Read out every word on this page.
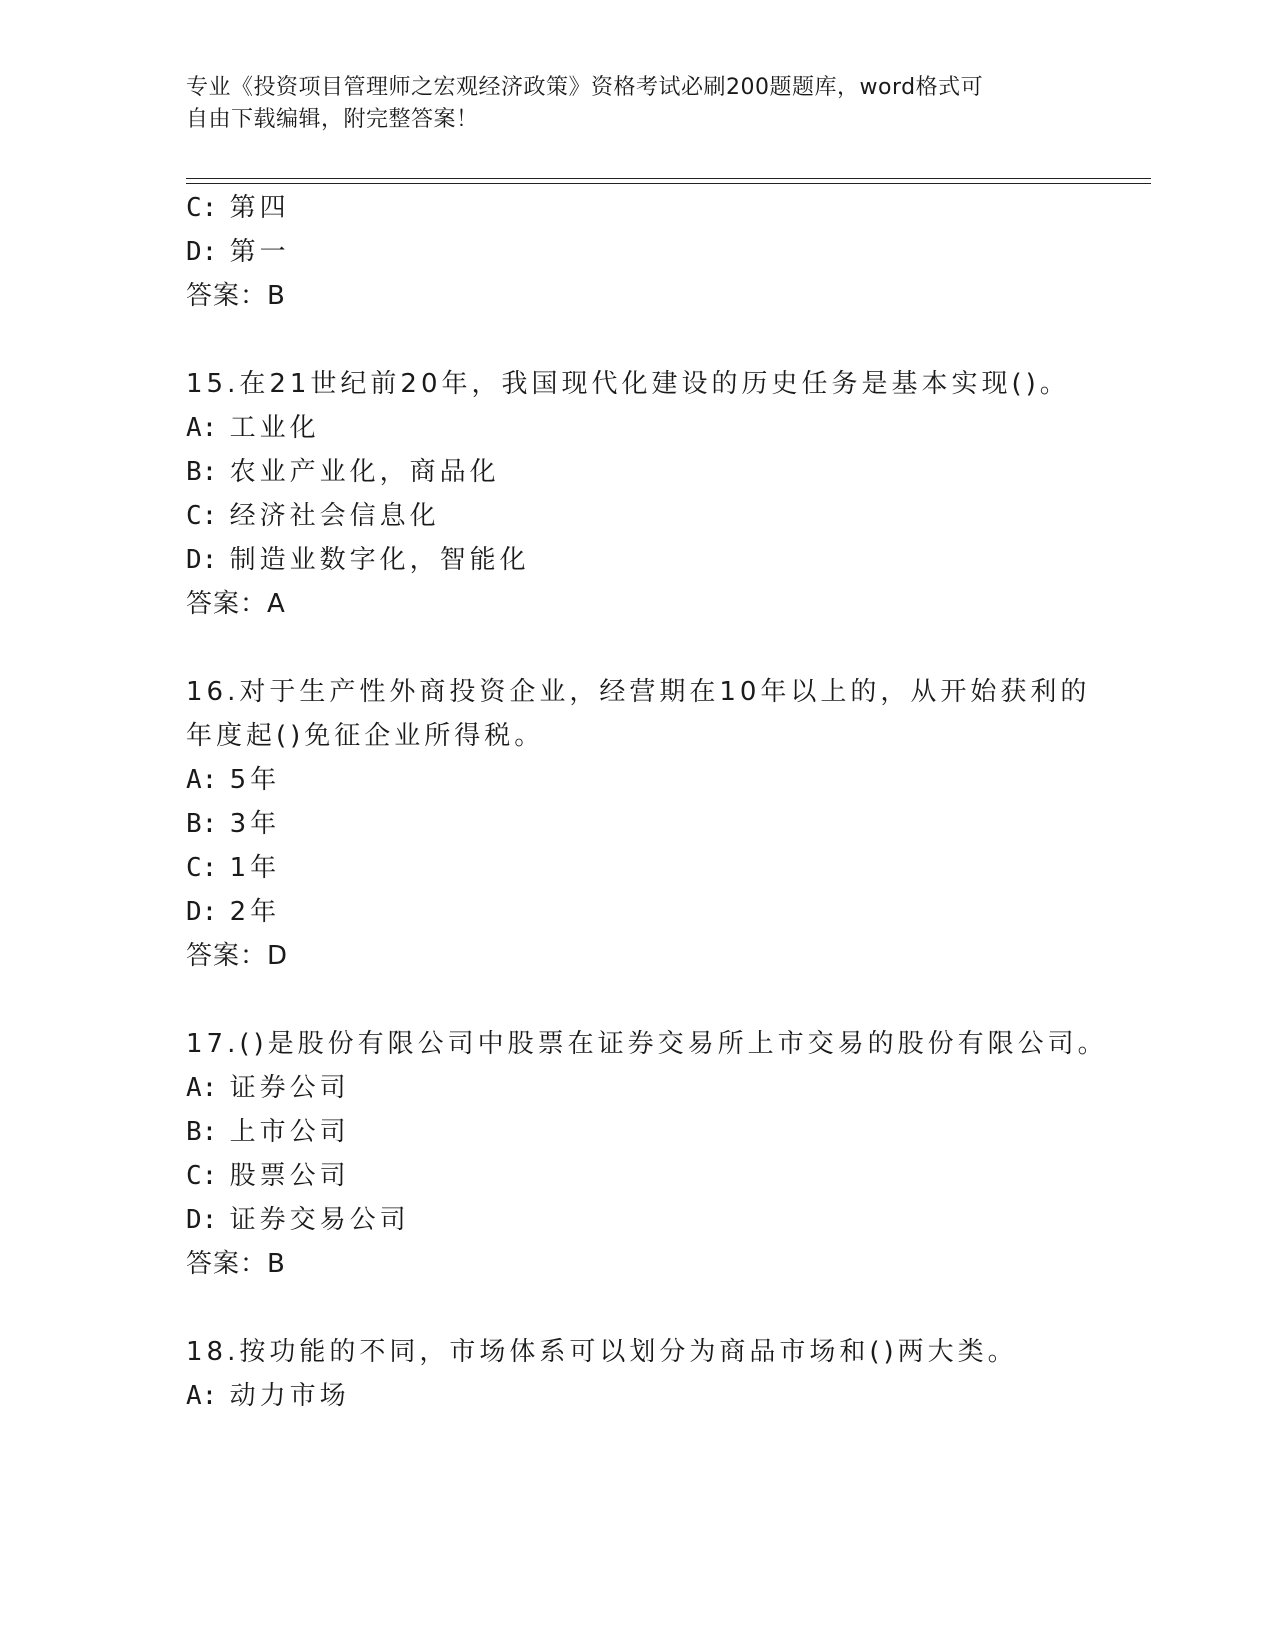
专业《投资项目管理师之宏观经济政策》资格考试必刷200题题库，word格式可
自由下载编辑，附完整答案！
C: 第四
D: 第一
答案：B
15.在21世纪前20年，我国现代化建设的历史任务是基本实现()。
A: 工业化
B: 农业产业化，商品化
C: 经济社会信息化
D: 制造业数字化，智能化
答案：A
16.对于生产性外商投资企业，经营期在10年以上的，从开始获利的
年度起()免征企业所得税。
A: 5年
B: 3年
C: 1年
D: 2年
答案：D
17.()是股份有限公司中股票在证券交易所上市交易的股份有限公司。
A: 证券公司
B: 上市公司
C: 股票公司
D: 证券交易公司
答案：B
18.按功能的不同，市场体系可以划分为商品市场和()两大类。
A: 动力市场
